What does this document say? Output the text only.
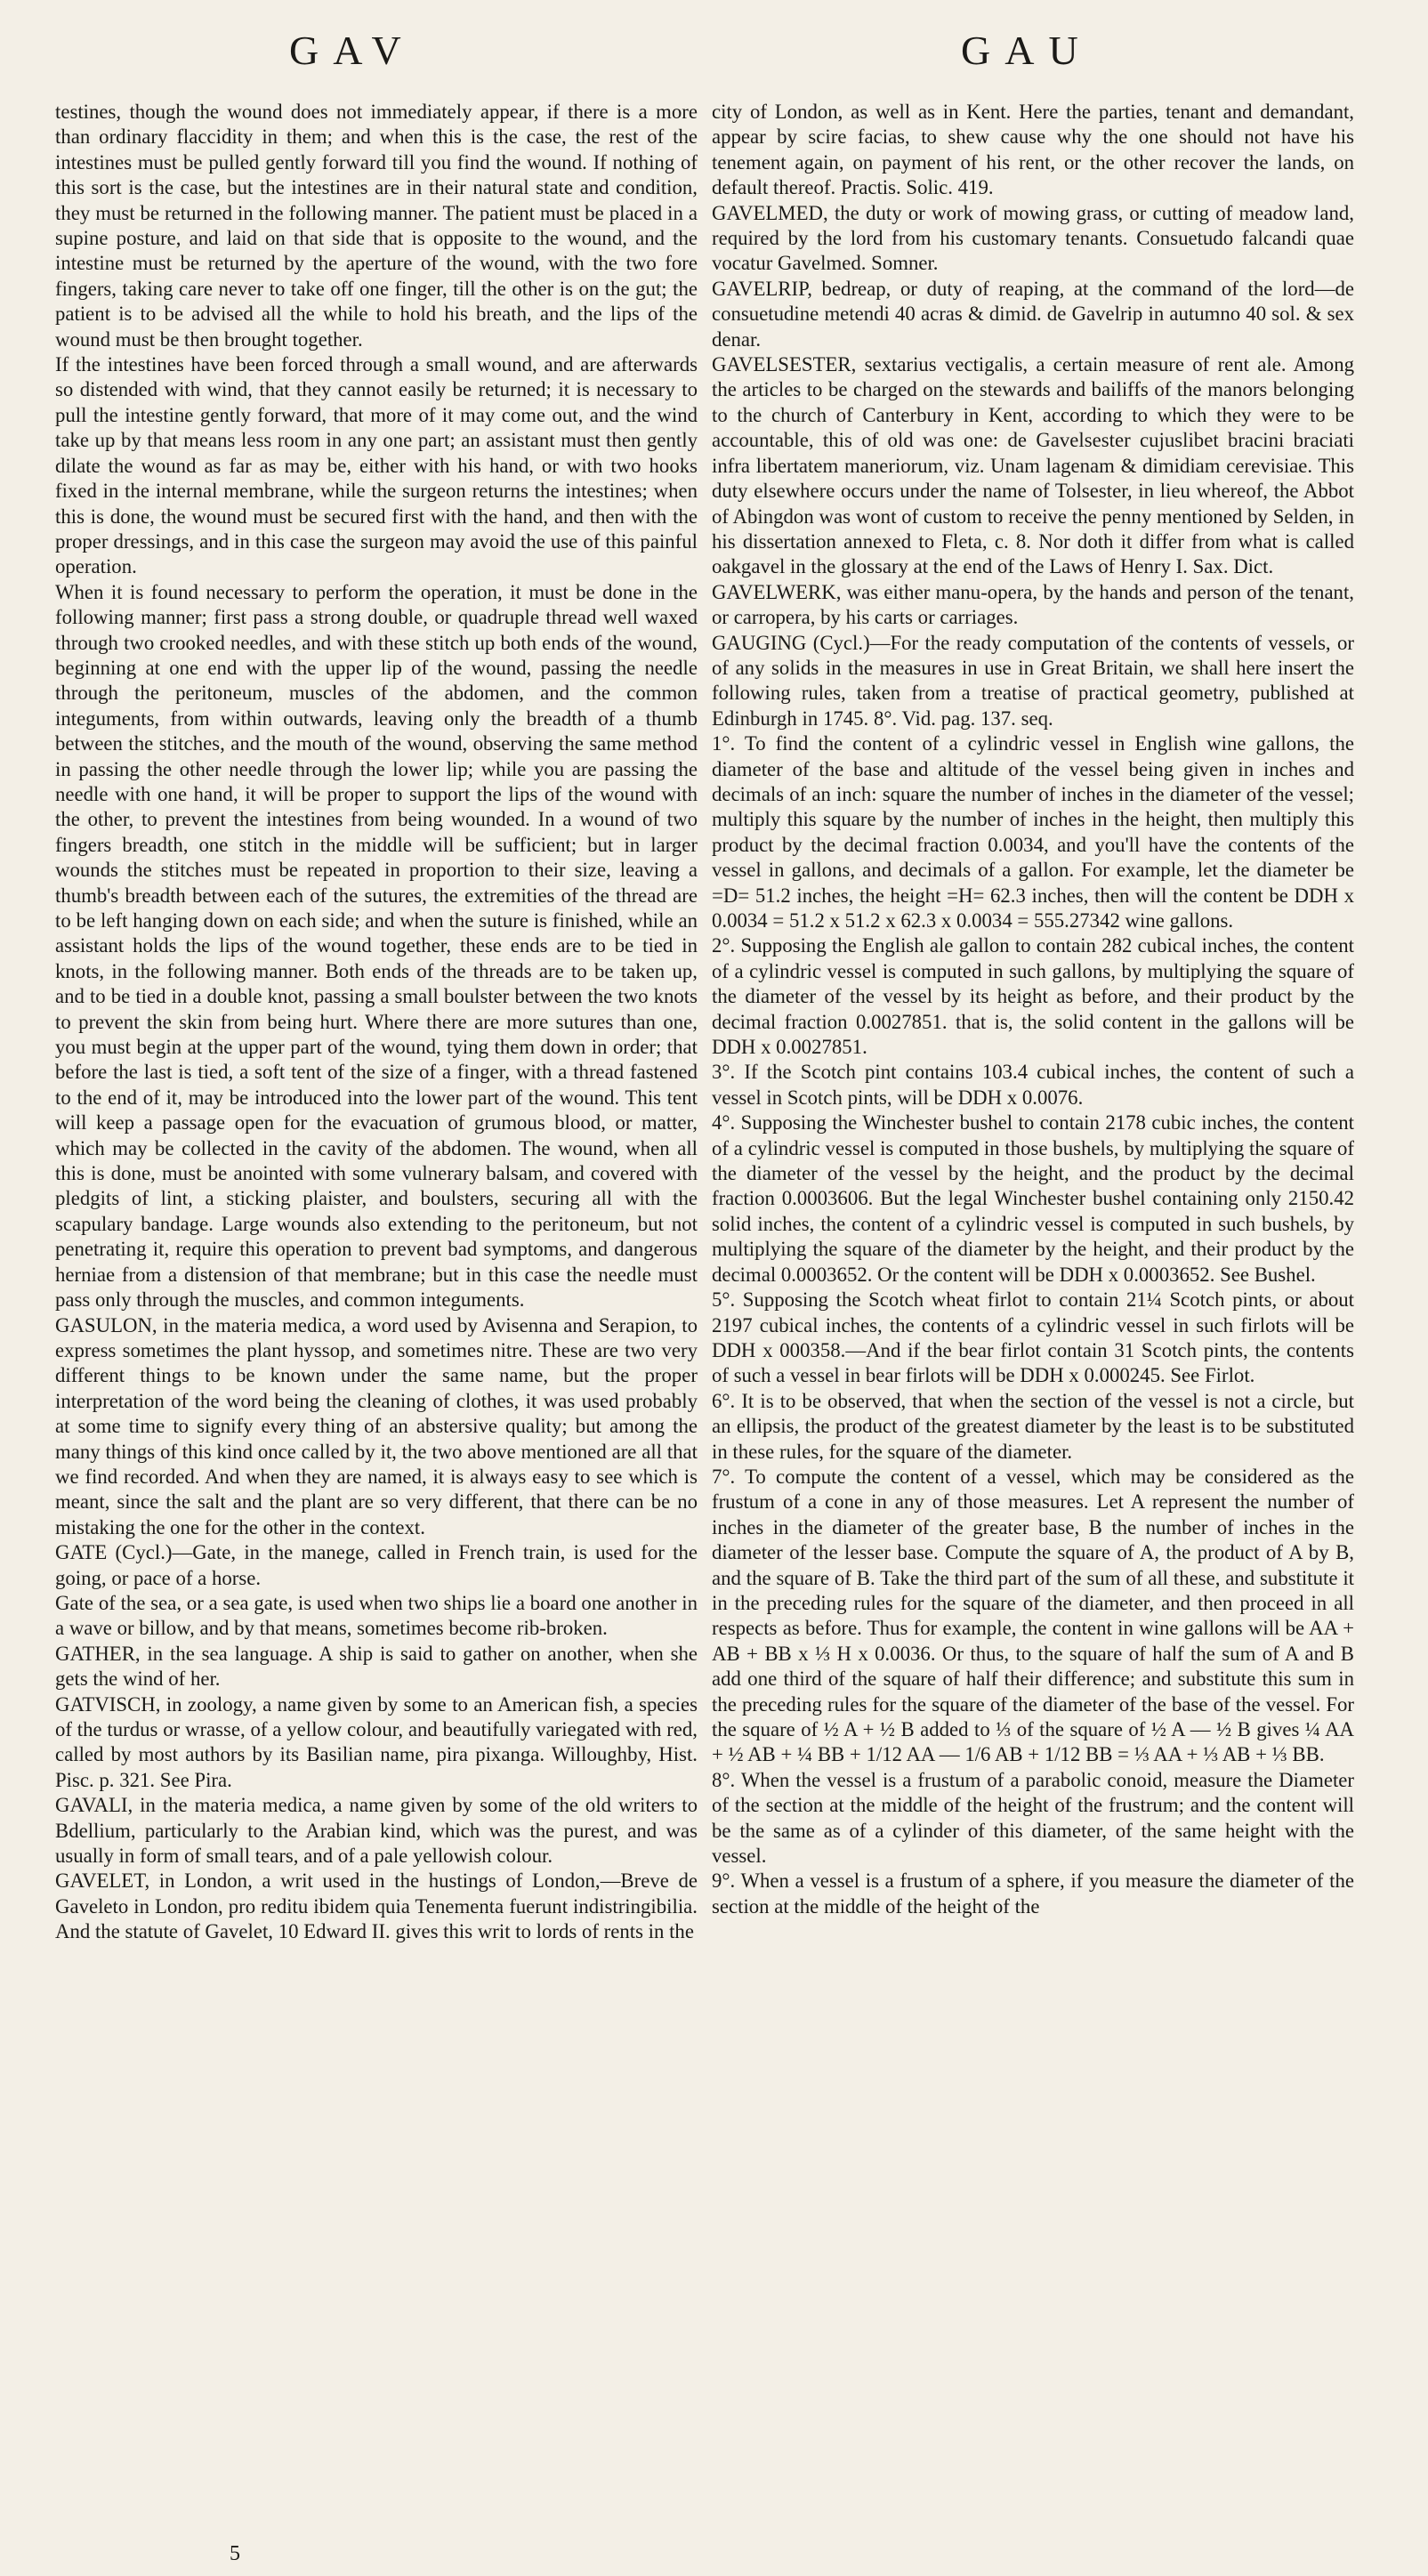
GAV	GAU

testines, though the wound does not immediately appear, if there is a more than ordinary flaccidity in them; and when this is the case, the rest of the intestines must be pulled gently forward till you find the wound. If nothing of this sort is the case, but the intestines are in their natural state and condition, they must be returned in the following manner. The patient must be placed in a supine posture, and laid on that side that is opposite to the wound, and the intestine must be returned by the aperture of the wound, with the two fore fingers, taking care never to take off one finger, till the other is on the gut; the patient is to be advised all the while to hold his breath, and the lips of the wound must be then brought together.

If the intestines have been forced through a small wound, and are afterwards so distended with wind, that they cannot easily be returned; it is necessary to pull the intestine gently forward, that more of it may come out, and the wind take up by that means less room in any one part; an assistant must then gently dilate the wound as far as may be, either with his hand, or with two hooks fixed in the internal membrane, while the surgeon returns the intestines; when this is done, the wound must be secured first with the hand, and then with the proper dressings, and in this case the surgeon may avoid the use of this painful operation.

When it is found necessary to perform the operation, it must be done in the following manner; first pass a strong double, or quadruple thread well waxed through two crooked needles, and with these stitch up both ends of the wound, beginning at one end with the upper lip of the wound, passing the needle through the peritoneum, muscles of the abdomen, and the common integuments, from within outwards, leaving only the breadth of a thumb between the stitches, and the mouth of the wound, observing the same method in passing the other needle through the lower lip; while you are passing the needle with one hand, it will be proper to support the lips of the wound with the other, to prevent the intestines from being wounded. In a wound of two fingers breadth, one stitch in the middle will be sufficient; but in larger wounds the stitches must be repeated in proportion to their size, leaving a thumb's breadth between each of the sutures, the extremities of the thread are to be left hanging down on each side; and when the suture is finished, while an assistant holds the lips of the wound together, these ends are to be tied in knots, in the following manner. Both ends of the threads are to be taken up, and to be tied in a double knot, passing a small boulster between the two knots to prevent the skin from being hurt. Where there are more sutures than one, you must begin at the upper part of the wound, tying them down in order; that before the last is tied, a soft tent of the size of a finger, with a thread fastened to the end of it, may be introduced into the lower part of the wound. This tent will keep a passage open for the evacuation of grumous blood, or matter, which may be collected in the cavity of the abdomen. The wound, when all this is done, must be anointed with some vulnerary balsam, and covered with pledgits of lint, a sticking plaister, and boulsters, securing all with the scapulary bandage. Large wounds also extending to the peritoneum, but not penetrating it, require this operation to prevent bad symptoms, and dangerous herniae from a distension of that membrane; but in this case the needle must pass only through the muscles, and common integuments.

GASULON, in the materia medica, a word used by Avisenna and Serapion, to express sometimes the plant hyssop, and sometimes nitre. These are two very different things to be known under the same name, but the proper interpretation of the word being the cleaning of clothes, it was used probably at some time to signify every thing of an abstersive quality; but among the many things of this kind once called by it, the two above mentioned are all that we find recorded. And when they are named, it is always easy to see which is meant, since the salt and the plant are so very different, that there can be no mistaking the one for the other in the context.

GATE (Cycl.)—Gate, in the manege, called in French train, is used for the going, or pace of a horse.

Gate of the sea, or a sea gate, is used when two ships lie a board one another in a wave or billow, and by that means, sometimes become rib-broken.

GATHER, in the sea language. A ship is said to gather on another, when she gets the wind of her.

GATVISCH, in zoology, a name given by some to an American fish, a species of the turdus or wrasse, of a yellow colour, and beautifully variegated with red, called by most authors by its Basilian name, pira pixanga. Willoughby, Hist. Pisc. p. 321. See Pira.

GAVALI, in the materia medica, a name given by some of the old writers to Bdellium, particularly to the Arabian kind, which was the purest, and was usually in form of small tears, and of a pale yellowish colour.

GAVELET, in London, a writ used in the hustings of London,—Breve de Gaveleto in London, pro reditu ibidem quia Tenementa fuerunt indistringibilia. And the statute of Gavelet, 10 Edward II. gives this writ to lords of rents in the

city of London, as well as in Kent. Here the parties, tenant and demandant, appear by scire facias, to shew cause why the one should not have his tenement again, on payment of his rent, or the other recover the lands, on default thereof. Practis. Solic. 419.

GAVELMED, the duty or work of mowing grass, or cutting of meadow land, required by the lord from his customary tenants. Consuetudo falcandi quae vocatur Gavelmed. Somner.

GAVELRIP, bedreap, or duty of reaping, at the command of the lord—de consuetudine metendi 40 acras & dimid. de Gavelrip in autumno 40 sol. & sex denar.

GAVELSESTER, sextarius vectigalis, a certain measure of rent ale. Among the articles to be charged on the stewards and bailiffs of the manors belonging to the church of Canterbury in Kent, according to which they were to be accountable, this of old was one: de Gavelsester cujuslibet bracini braciati infra libertatem maneriorum, viz. Unam lagenam & dimidiam cerevisiae. This duty elsewhere occurs under the name of Tolsester, in lieu whereof, the Abbot of Abingdon was wont of custom to receive the penny mentioned by Selden, in his dissertation annexed to Fleta, c. 8. Nor doth it differ from what is called oakgavel in the glossary at the end of the Laws of Henry I. Sax. Dict.

GAVELWERK, was either manu-opera, by the hands and person of the tenant, or carropera, by his carts or carriages.

GAUGING (Cycl.)—For the ready computation of the contents of vessels, or of any solids in the measures in use in Great Britain, we shall here insert the following rules, taken from a treatise of practical geometry, published at Edinburgh in 1745. 8°. Vid. pag. 137. seq.

1°. To find the content of a cylindric vessel in English wine gallons, the diameter of the base and altitude of the vessel being given in inches and decimals of an inch: square the number of inches in the diameter of the vessel; multiply this square by the number of inches in the height, then multiply this product by the decimal fraction 0.0034, and you'll have the contents of the vessel in gallons, and decimals of a gallon. For example, let the diameter be =D= 51.2 inches, the height =H= 62.3 inches, then will the content be DDH x 0.0034 = 51.2 x 51.2 x 62.3 x 0.0034 = 555.27342 wine gallons.

2°. Supposing the English ale gallon to contain 282 cubical inches, the content of a cylindric vessel is computed in such gallons, by multiplying the square of the diameter of the vessel by its height as before, and their product by the decimal fraction 0.0027851. that is, the solid content in the gallons will be DDH x 0.0027851.

3°. If the Scotch pint contains 103.4 cubical inches, the content of such a vessel in Scotch pints, will be DDH x 0.0076.

4°. Supposing the Winchester bushel to contain 2178 cubic inches, the content of a cylindric vessel is computed in those bushels, by multiplying the square of the diameter of the vessel by the height, and the product by the decimal fraction 0.0003606. But the legal Winchester bushel containing only 2150.42 solid inches, the content of a cylindric vessel is computed in such bushels, by multiplying the square of the diameter by the height, and their product by the decimal 0.0003652. Or the content will be DDH x 0.0003652. See Bushel.

5°. Supposing the Scotch wheat firlot to contain 21¼ Scotch pints, or about 2197 cubical inches, the contents of a cylindric vessel in such firlots will be DDH x 000358.—And if the bear firlot contain 31 Scotch pints, the contents of such a vessel in bear firlots will be DDH x 0.000245. See Firlot.

6°. It is to be observed, that when the section of the vessel is not a circle, but an ellipsis, the product of the greatest diameter by the least is to be substituted in these rules, for the square of the diameter.

7°. To compute the content of a vessel, which may be considered as the frustum of a cone in any of those measures. Let A represent the number of inches in the diameter of the greater base, B the number of inches in the diameter of the lesser base. Compute the square of A, the product of A by B, and the square of B. Take the third part of the sum of all these, and substitute it in the preceding rules for the square of the diameter, and then proceed in all respects as before. Thus for example, the content in wine gallons will be AA + AB + BB x ⅓ H x 0.0036. Or thus, to the square of half the sum of A and B add one third of the square of half their difference; and substitute this sum in the preceding rules for the square of the diameter of the base of the vessel. For the square of ½ A + ½ B added to ⅓ of the square of ½ A — ½ B gives ¼ AA + ½ AB + ¼ BB + 1/12 AA — 1/6 AB + 1/12 BB = ⅓ AA + ⅓ AB + ⅓ BB.

8°. When the vessel is a frustum of a parabolic conoid, measure the Diameter of the section at the middle of the height of the frustrum; and the content will be the same as of a cylinder of this diameter, of the same height with the vessel.

9°. When a vessel is a frustum of a sphere, if you measure the diameter of the section at the middle of the height of the

5
